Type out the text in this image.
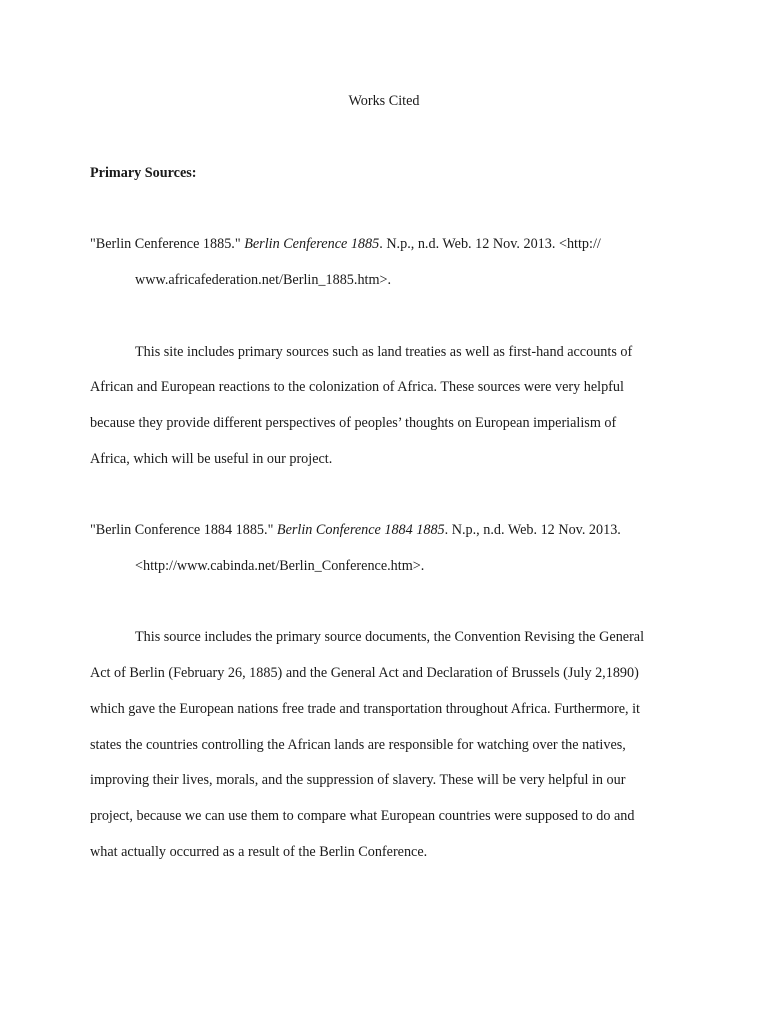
Works Cited
Primary Sources:
"Berlin Cenference 1885." Berlin Cenference 1885. N.p., n.d. Web. 12 Nov. 2013. <http://
www.africafederation.net/Berlin_1885.htm>.
This site includes primary sources such as land treaties as well as first-hand accounts of
African and European reactions to the colonization of Africa. These sources were very helpful
because they provide different perspectives of peoples’ thoughts on European imperialism of
Africa, which will be useful in our project.
"Berlin Conference 1884 1885." Berlin Conference 1884 1885. N.p., n.d. Web. 12 Nov. 2013.
<http://www.cabinda.net/Berlin_Conference.htm>.
This source includes the primary source documents, the Convention Revising the General
Act of Berlin (February 26, 1885) and the General Act and Declaration of Brussels (July 2,1890)
which gave the European nations free trade and transportation throughout Africa. Furthermore, it
states the countries controlling the African lands are responsible for watching over the natives,
improving their lives, morals, and the suppression of slavery. These will be very helpful in our
project, because we can use them to compare what European countries were supposed to do and
what actually occurred as a result of the Berlin Conference.
